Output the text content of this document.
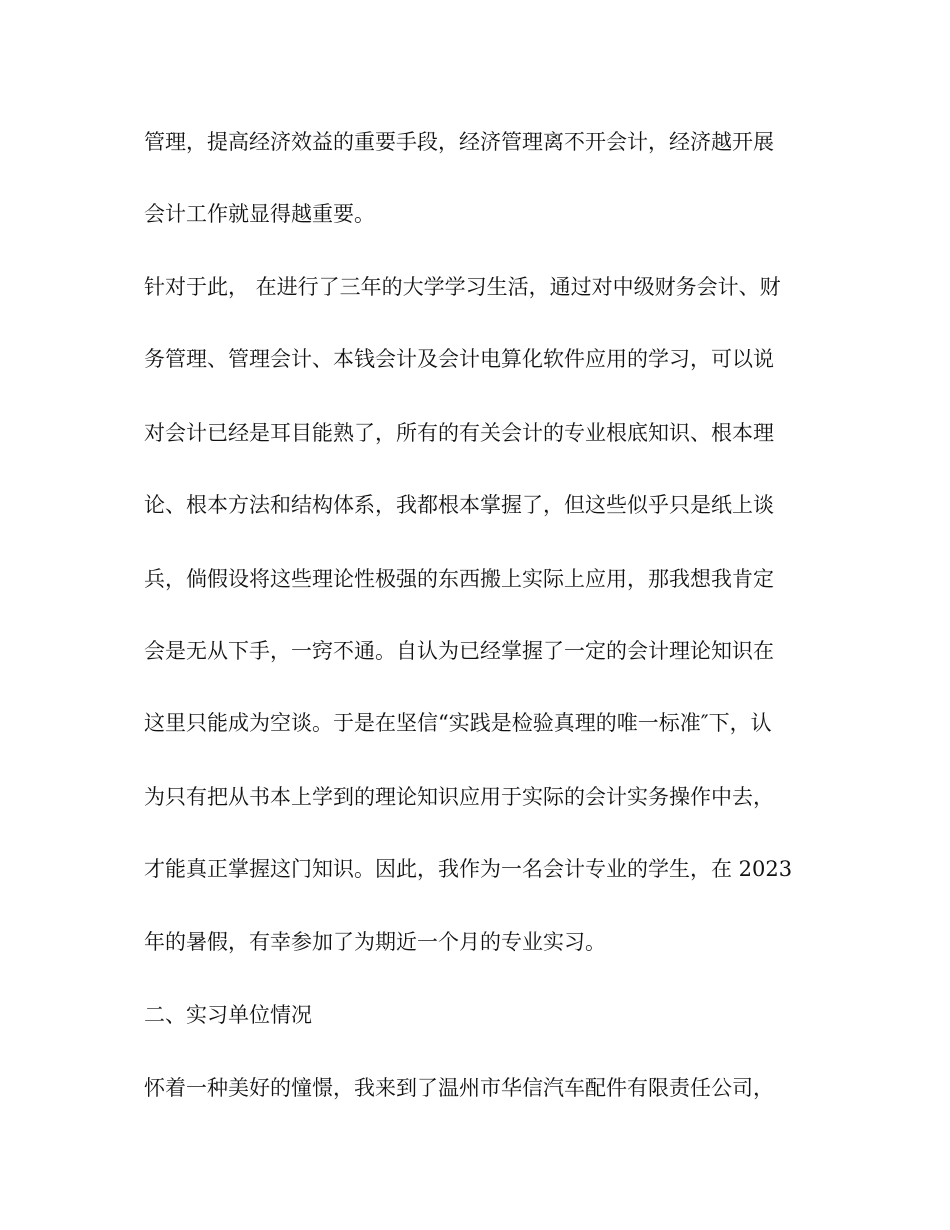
管理，提高经济效益的重要手段，经济管理离不开会计，经济越开展
会计工作就显得越重要。
针对于此， 在进行了三年的大学学习生活，通过对中级财务会计、财
务管理、管理会计、本钱会计及会计电算化软件应用的学习，可以说
对会计已经是耳目能熟了，所有的有关会计的专业根底知识、根本理
论、根本方法和结构体系，我都根本掌握了，但这些似乎只是纸上谈
兵，倘假设将这些理论性极强的东西搬上实际上应用，那我想我肯定
会是无从下手，一窍不通。自认为已经掌握了一定的会计理论知识在
这里只能成为空谈。于是在坚信“实践是检验真理的唯一标准″下，认
为只有把从书本上学到的理论知识应用于实际的会计实务操作中去，
才能真正掌握这门知识。因此，我作为一名会计专业的学生，在 2023
年的暑假，有幸参加了为期近一个月的专业实习。
二、实习单位情况
怀着一种美好的憧憬，我来到了温州市华信汽车配件有限责任公司，
